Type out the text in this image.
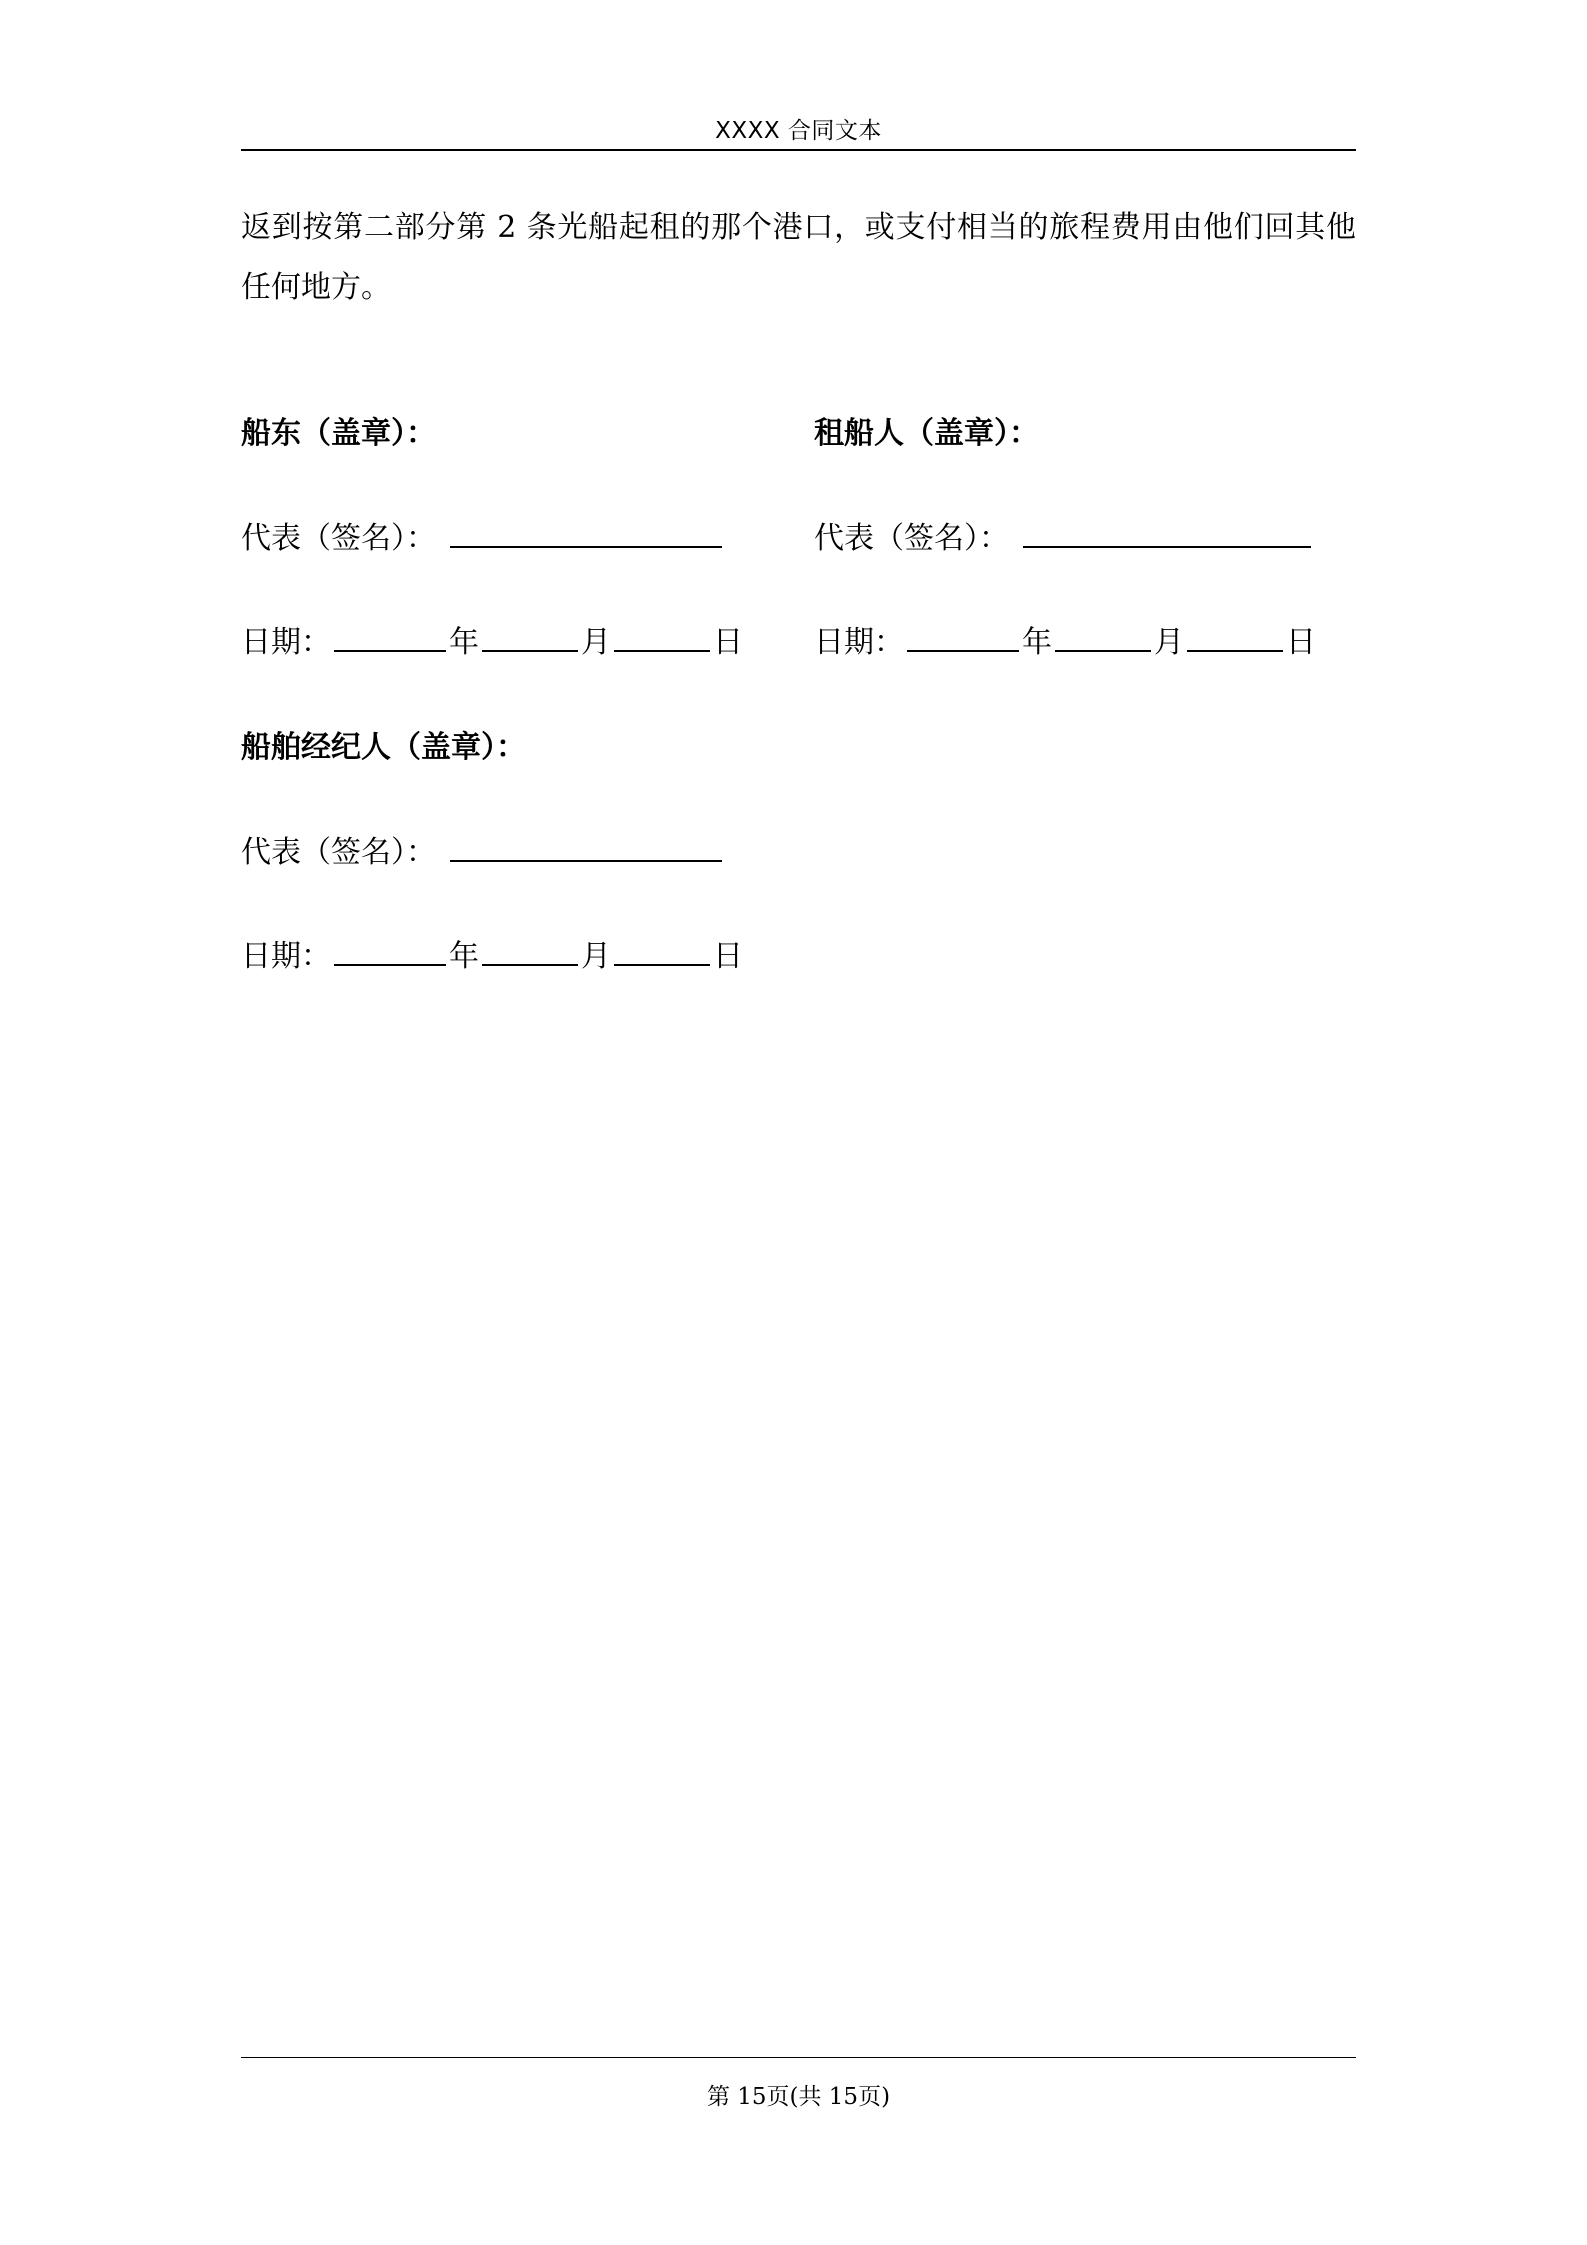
XXXX 合同文本
返到按第二部分第 2 条光船起租的那个港口，或支付相当的旅程费用由他们回其他任何地方。
船东（盖章）：
代表（签名）：
日期：	年	月	日
租船人（盖章）：
代表（签名）：
日期：	年	月	日
船舶经纪人（盖章）：
代表（签名）：
日期：	年	月	日
第 15页(共 15页)
